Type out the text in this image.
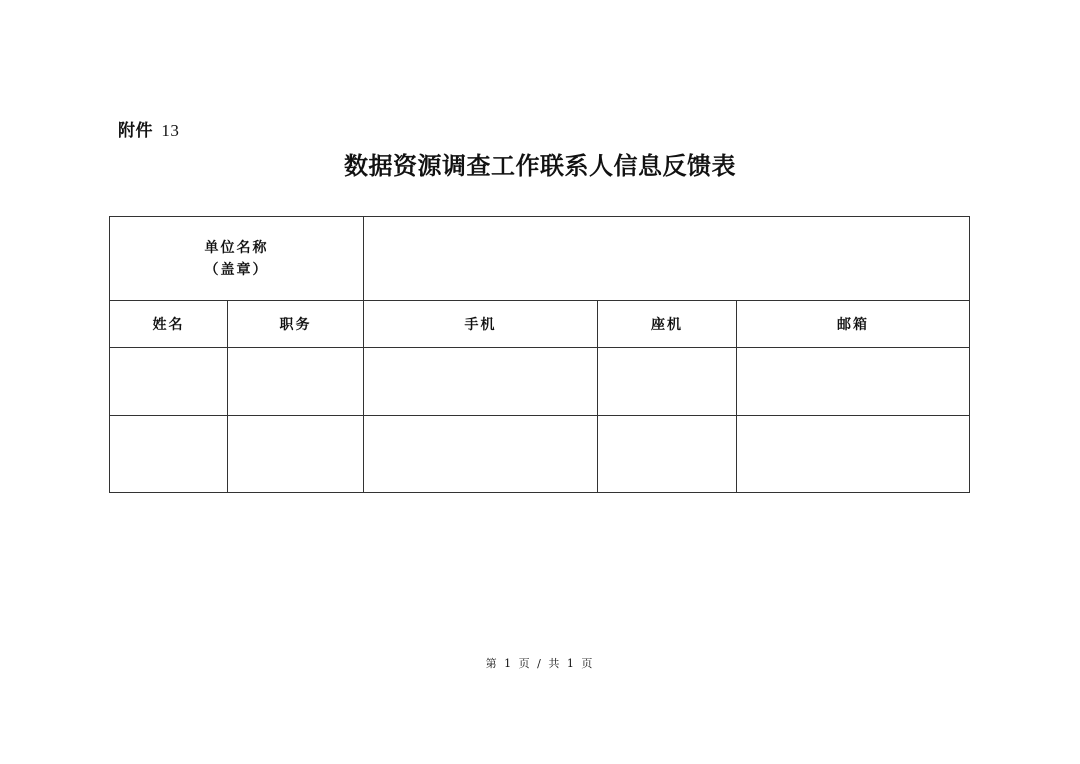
附件 13
数据资源调查工作联系人信息反馈表
单位名称
（盖章）				

姓名	职务	手机	座机	邮箱

第 1 页 / 共 1 页
